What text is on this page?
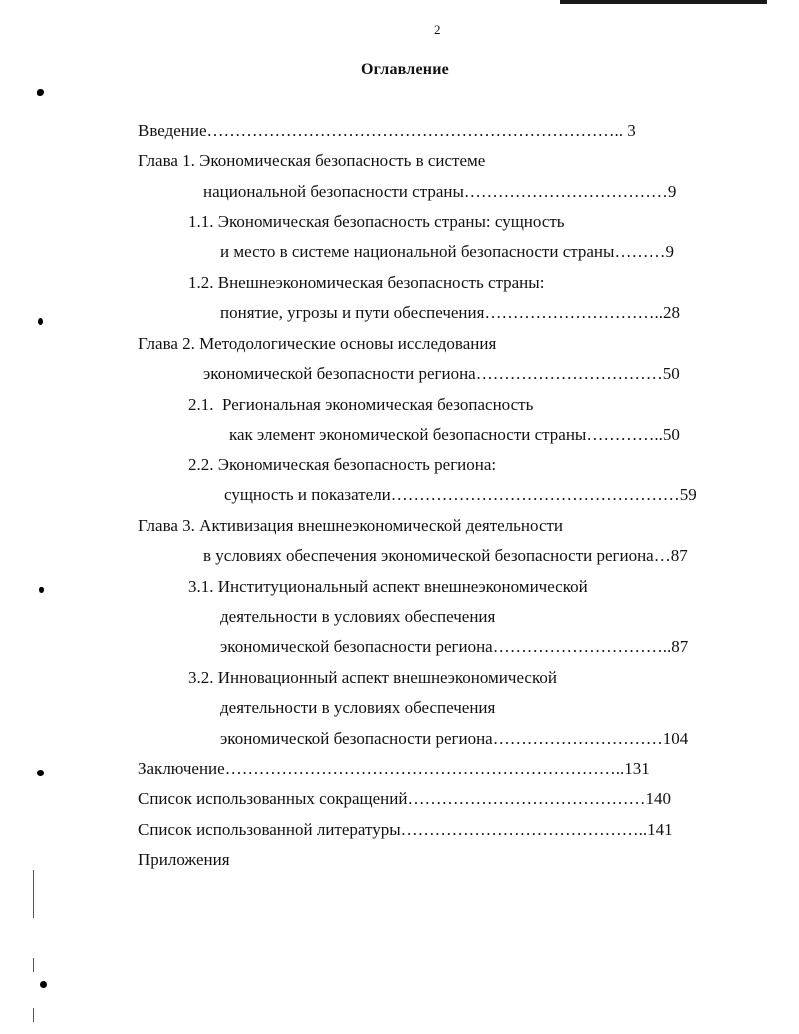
2
Оглавление
Введение……………………………………………………………….. 3
Глава 1. Экономическая безопасность в системе
национальной безопасности страны………………………………9
1.1. Экономическая безопасность страны: сущность
и место в системе национальной безопасности страны………9
1.2. Внешнеэкономическая безопасность страны:
понятие, угрозы и пути обеспечения…………………………..28
Глава 2. Методологические основы исследования
экономической безопасности региона……………………………50
2.1.  Региональная экономическая безопасность
как элемент экономической безопасности страны…………..50
2.2. Экономическая безопасность региона:
сущность и показатели……………………………………………59
Глава 3. Активизация внешнеэкономической деятельности
в условиях обеспечения экономической безопасности региона…87
3.1. Институциональный аспект внешнеэкономической
деятельности в условиях обеспечения
экономической безопасности региона…………………………..87
3.2. Инновационный аспект внешнеэкономической
деятельности в условиях обеспечения
экономической безопасности региона…………………………104
Заключение……………………………………………………………..131
Список использованных сокращений……………………………………140
Список использованной литературы……………………………………..141
Приложения
